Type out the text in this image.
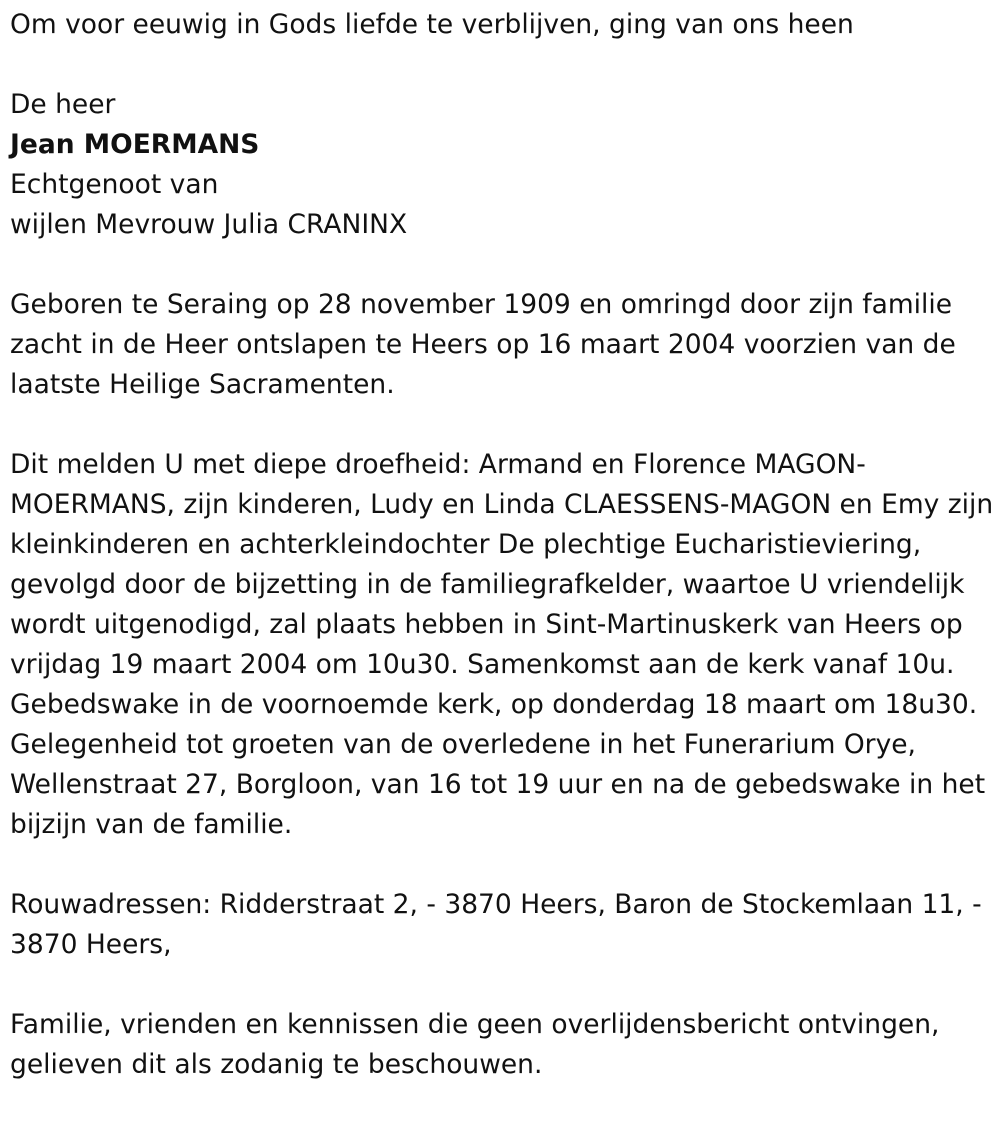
Om voor eeuwig in Gods liefde te verblijven, ging van ons heen

De heer

Jean MOERMANS

Echtgenoot van

wijlen Mevrouw Julia CRANINX

Geboren te Seraing op 28 november 1909 en omringd door zijn familie

zacht in de Heer ontslapen te Heers op 16 maart 2004 voorzien van de

laatste Heilige Sacramenten.

Dit melden U met diepe droefheid: Armand en Florence MAGON-

MOERMANS, zijn kinderen, Ludy en Linda CLAESSENS-MAGON en Emy zijn

kleinkinderen en achterkleindochter De plechtige Eucharistieviering,

gevolgd door de bijzetting in de familiegrafkelder, waartoe U vriendelijk

wordt uitgenodigd, zal plaats hebben in Sint-Martinuskerk van Heers op

vrijdag 19 maart 2004 om 10u30. Samenkomst aan de kerk vanaf 10u.

Gebedswake in de voornoemde kerk, op donderdag 18 maart om 18u30.

Gelegenheid tot groeten van de overledene in het Funerarium Orye,

Wellenstraat 27, Borgloon, van 16 tot 19 uur en na de gebedswake in het

bijzijn van de familie.

Rouwadressen: Ridderstraat 2, - 3870 Heers, Baron de Stockemlaan 11, -

3870 Heers,

Familie, vrienden en kennissen die geen overlijdensbericht ontvingen,

gelieven dit als zodanig te beschouwen.
